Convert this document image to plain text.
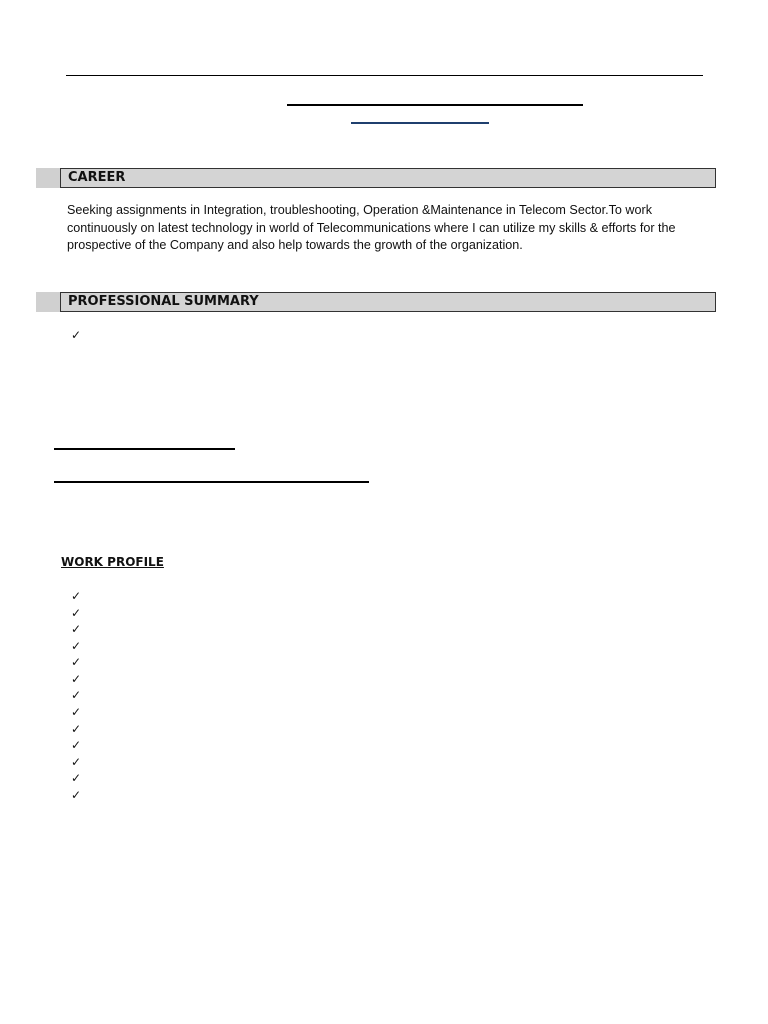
CAREER
Seeking assignments in Integration, troubleshooting, Operation &Maintenance in Telecom Sector.To work continuously on latest technology in world of Telecommunications where I can utilize my skills & efforts for the prospective of the Company and also help towards the growth of the organization.
PROFESSIONAL SUMMARY
✓
WORK PROFILE
✓
✓
✓
✓
✓
✓
✓
✓
✓
✓
✓
✓
✓
